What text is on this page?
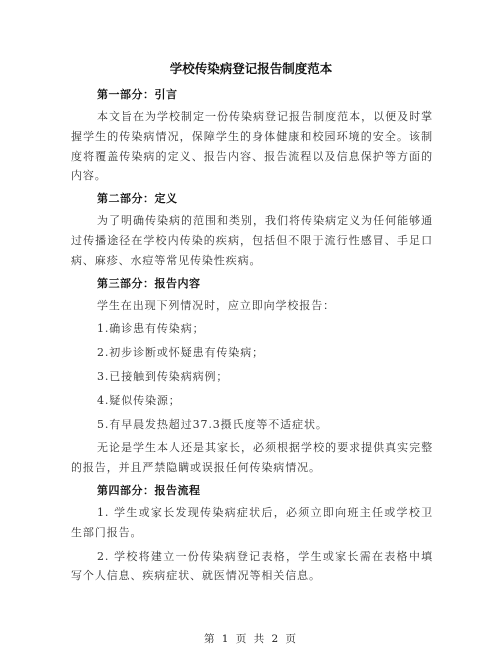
学校传染病登记报告制度范本
第一部分：引言

本文旨在为学校制定一份传染病登记报告制度范本，以便及时掌握学生的传染病情况，保障学生的身体健康和校园环境的安全。该制度将覆盖传染病的定义、报告内容、报告流程以及信息保护等方面的内容。

第二部分：定义

为了明确传染病的范围和类别，我们将传染病定义为任何能够通过传播途径在学校内传染的疾病，包括但不限于流行性感冒、手足口病、麻疹、水痘等常见传染性疾病。

第三部分：报告内容

学生在出现下列情况时，应立即向学校报告：

1.确诊患有传染病；
2.初步诊断或怀疑患有传染病；
3.已接触到传染病病例；
4.疑似传染源；
5.有早晨发热超过37.3摄氏度等不适症状。

无论是学生本人还是其家长，必须根据学校的要求提供真实完整的报告，并且严禁隐瞒或误报任何传染病情况。

第四部分：报告流程

1. 学生或家长发现传染病症状后，必须立即向班主任或学校卫生部门报告。

2. 学校将建立一份传染病登记表格，学生或家长需在表格中填写个人信息、疾病症状、就医情况等相关信息。

第 1 页 共 2 页
